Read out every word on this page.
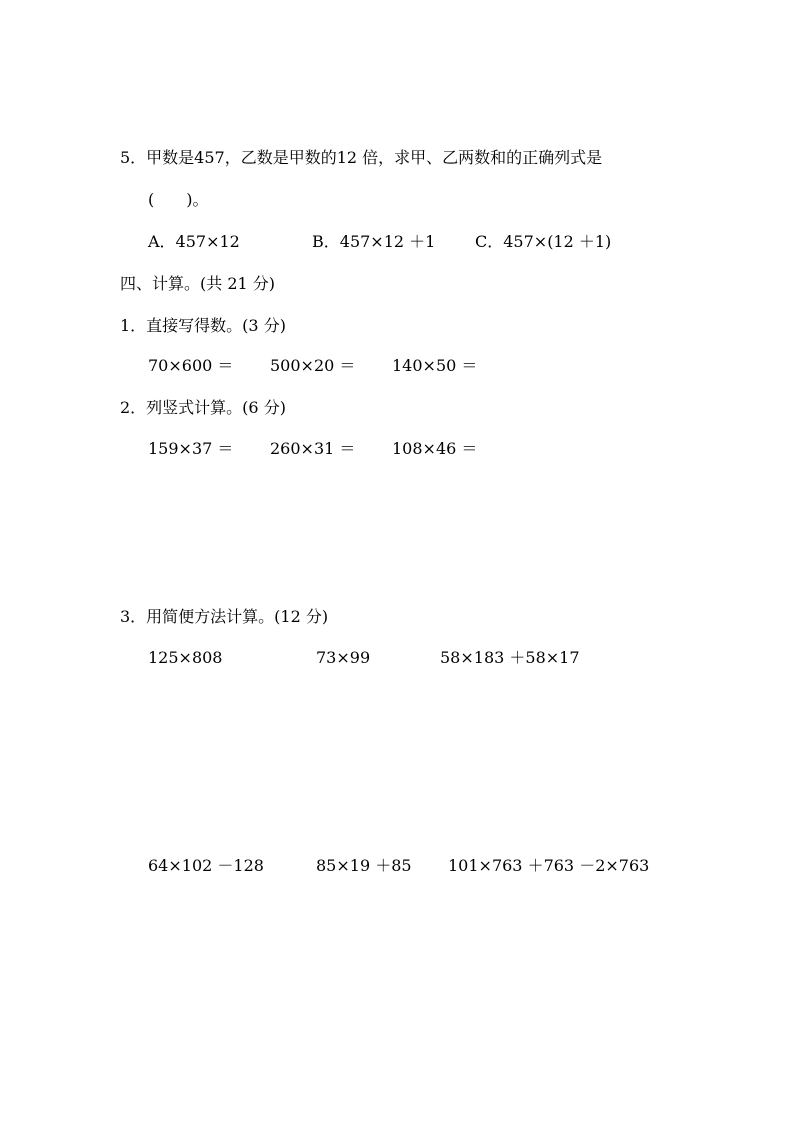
5．甲数是457，乙数是甲数的12 倍，求甲、乙两数和的正确列式是
(　　)。
A．457×12	B．457×12 ＋1 C．457×(12 ＋1)
四、计算。(共 21 分)
1．直接写得数。(3 分)
70×600 ＝ 500×20 ＝ 140×50 ＝
2．列竖式计算。(6 分)
159×37 ＝ 260×31 ＝ 108×46 ＝
3．用简便方法计算。(12 分)
125×808	73×99	58×183 ＋58×17
64×102 －128	85×19 ＋85 101×763 ＋763 －2×763
